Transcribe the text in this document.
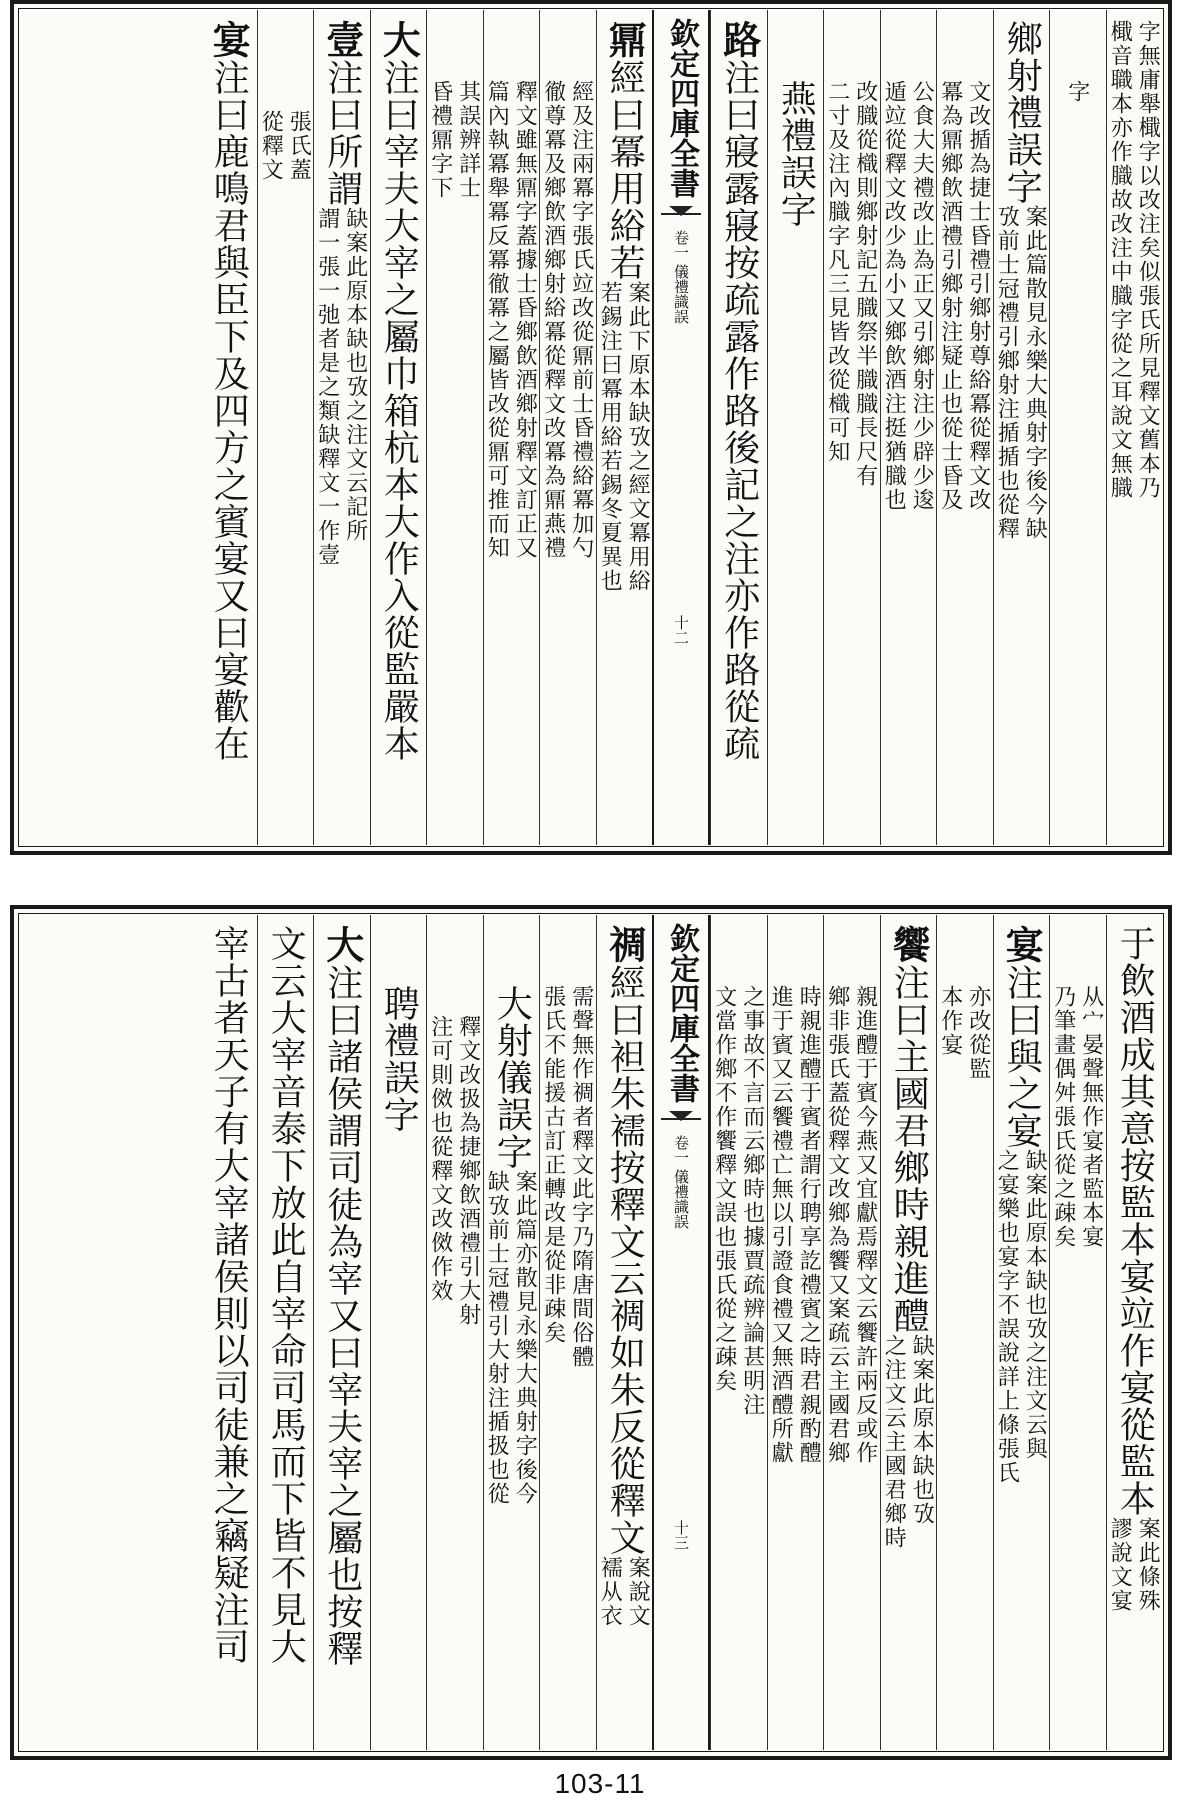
字無庸舉檝字以改注矣似張氏所見釋文舊本乃
檝音職本亦作膱故改注中膱字從之耳說文無膱
字
鄉射禮誤字
案此篇散見永樂大典射字後今缺
攷前士冠禮引鄉射注揗揗也從釋
文改揗為捷士昏禮引鄉射尊綌冪從釋文改
冪為鼏鄉飲酒禮引鄉射注疑止也從士昏及
公食大夫禮改止為正又引鄉射注少辟少逡
遁竝從釋文改少為小又鄉飲酒注挺猶膱也
改膱從樴則鄉射記五膱祭半膱膱長尺有
二寸及注內膱字凡三見皆改從樴可知
燕禮誤字
路
注曰寢露寢按疏露作路後記之注亦作路從疏
欽定四庫全書
卷一
儀禮識誤
十二
鼏
經曰冪用綌若
案此下原本缺攷之經文冪用綌
若錫注曰冪用綌若錫冬夏異也
經及注兩冪字張氏竝改從鼏前士昏禮綌冪加勺
徹尊冪及鄉飲酒鄉射綌冪從釋文改冪為鼏燕禮
釋文雖無鼏字蓋據士昏鄉飲酒鄉射釋文訂正又
篇內執冪舉冪反冪徹冪之屬皆改從鼏可推而知
其誤辨詳士
昏禮鼏字下
大
注曰宰夫大宰之屬巾箱杭本大作入從監嚴本
壹
注曰所謂
缺案此原本缺也攷之注文云記所
謂一張一弛者是之類缺釋文一作壹
張氏蓋
從釋文
宴
注曰鹿鳴君與臣下及四方之賓宴又曰宴歡在
于飲酒成其意按監本宴竝作宴從監本
案此條殊
謬說文宴
从宀晏聲無作宴者監本宴
乃筆畫偶舛張氏從之疎矣
宴
注曰與之宴
缺案此原本缺也攷之注文云與
之宴樂也宴字不誤說詳上條張氏
亦改從監
本作宴
饗
注曰主國君鄉時親進醴
缺案此原本缺也攷
之注文云主國君鄉時
親進醴于賓今燕又宜獻焉釋文云饗許兩反或作
鄉非張氏蓋從釋文改鄉為饗又案疏云主國君鄉
時親進醴于賓者謂行聘享訖禮賓之時君親酌醴
進于賓又云饗禮亡無以引證食禮又無酒醴所獻
之事故不言而云鄉時也據賈疏辨論甚明注
文當作鄉不作饗釋文誤也張氏從之疎矣
欽定四庫全書
卷一
儀禮識誤
十三
禂
經曰袒朱襦按釋文云禂如朱反從釋文
案說文
襦从衣
需聲無作禂者釋文此字乃隋唐間俗體
張氏不能援古訂正轉改是從非疎矣
大射儀誤字
案此篇亦散見永樂大典射字後今
缺攷前士冠禮引大射注揗扱也從
釋文改扱為捷鄉飲酒禮引大射
注可則傚也從釋文改傚作效
聘禮誤字
大
注曰諸侯謂司徒為宰又曰宰夫宰之屬也按釋
文云大宰音泰下放此自宰命司馬而下皆不見大
宰古者天子有大宰諸侯則以司徒兼之竊疑注司
103-11
